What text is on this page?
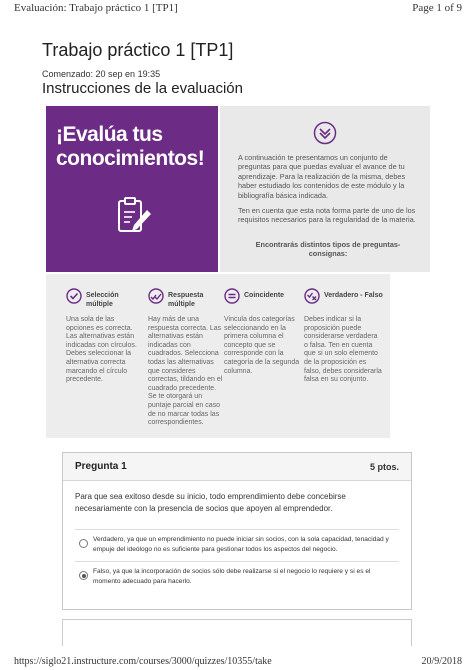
Evaluación: Trabajo práctico 1 [TP1]	Page 1 of 9
Trabajo práctico 1 [TP1]
Comenzado: 20 sep en 19:35
Instrucciones de la evaluación
¡Evalúa tus
conocimientos!	A continuación te presentamos un conjunto de preguntas para que puedas evaluar el avance de tu aprendizaje. Para la realización de la misma, debes haber estudiado los contenidos de este módulo y la bibliografía básica indicada.
Ten en cuenta que esta nota forma parte de uno de los requisitos necesarios para la regularidad de la materia.
Encontrarás distintos tipos de preguntas-consignas:
Selección múltiple
Una sola de las opciones es correcta. Las alternativas están indicadas con círculos. Debes seleccionar la alternativa correcta marcando el círculo precedente.
Respuesta múltiple
Hay más de una respuesta correcta. Las alternativas están indicadas con cuadrados. Selecciona todas las alternativas que consideres correctas, tildando en el cuadrado precedente. Se te otorgará un puntaje parcial en caso de no marcar todas las correspondientes.
Coincidente
Vincula dos categorías seleccionando en la primera columna el concepto que se corresponde con la categoría de la segunda columna.
Verdadero - Falso
Debes indicar si la proposición puede considerarse verdadera o falsa. Ten en cuenta que si un solo elemento de la proposición es falso, debes considerarla falsa en su conjunto.
Pregunta 1	5 ptos.
Para que sea exitoso desde su inicio, todo emprendimiento debe concebirse necesariamente con la presencia de socios que apoyen al emprendedor.
Verdadero, ya que un emprendimiento no puede iniciar sin socios, con la sola capacidad, tenacidad y empuje del ideólogo no es suficiente para gestionar todos los aspectos del negocio.
Falso, ya que la incorporación de socios sólo debe realizarse si el negocio lo requiere y si es el momento adecuado para hacerlo.
https://siglo21.instructure.com/courses/3000/quizzes/10355/take	20/9/2018
